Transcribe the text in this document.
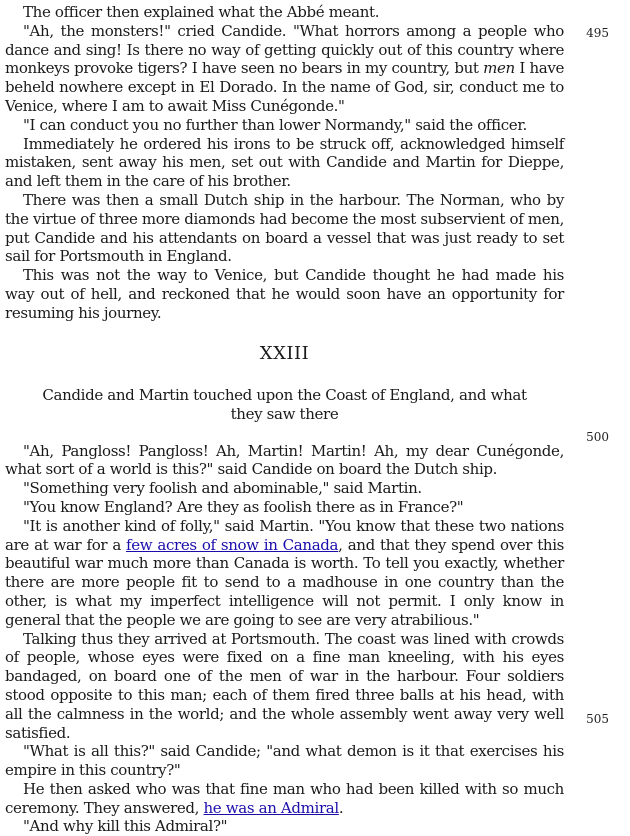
495
500
505

The officer then explained what the Abbé meant.

"Ah, the monsters!" cried Candide. "What horrors among a people who dance and sing! Is there no way of getting quickly out of this country where monkeys provoke tigers? I have seen no bears in my country, but men I have beheld nowhere except in El Dorado. In the name of God, sir, conduct me to Venice, where I am to await Miss Cunégonde."

"I can conduct you no further than lower Normandy," said the officer.

Immediately he ordered his irons to be struck off, acknowledged himself mistaken, sent away his men, set out with Candide and Martin for Dieppe, and left them in the care of his brother.

There was then a small Dutch ship in the harbour. The Norman, who by the virtue of three more diamonds had become the most subservient of men, put Candide and his attendants on board a vessel that was just ready to set sail for Portsmouth in England.

This was not the way to Venice, but Candide thought he had made his way out of hell, and reckoned that he would soon have an opportunity for resuming his journey.

XXIII

Candide and Martin touched upon the Coast of England, and what they saw there

"Ah, Pangloss! Pangloss! Ah, Martin! Martin! Ah, my dear Cunégonde, what sort of a world is this?" said Candide on board the Dutch ship.

"Something very foolish and abominable," said Martin.

"You know England? Are they as foolish there as in France?"

"It is another kind of folly," said Martin. "You know that these two nations are at war for a few acres of snow in Canada, and that they spend over this beautiful war much more than Canada is worth. To tell you exactly, whether there are more people fit to send to a madhouse in one country than the other, is what my imperfect intelligence will not permit. I only know in general that the people we are going to see are very atrabilious."

Talking thus they arrived at Portsmouth. The coast was lined with crowds of people, whose eyes were fixed on a fine man kneeling, with his eyes bandaged, on board one of the men of war in the harbour. Four soldiers stood opposite to this man; each of them fired three balls at his head, with all the calmness in the world; and the whole assembly went away very well satisfied.

"What is all this?" said Candide; "and what demon is it that exercises his empire in this country?"

He then asked who was that fine man who had been killed with so much ceremony. They answered, he was an Admiral.

"And why kill this Admiral?"
